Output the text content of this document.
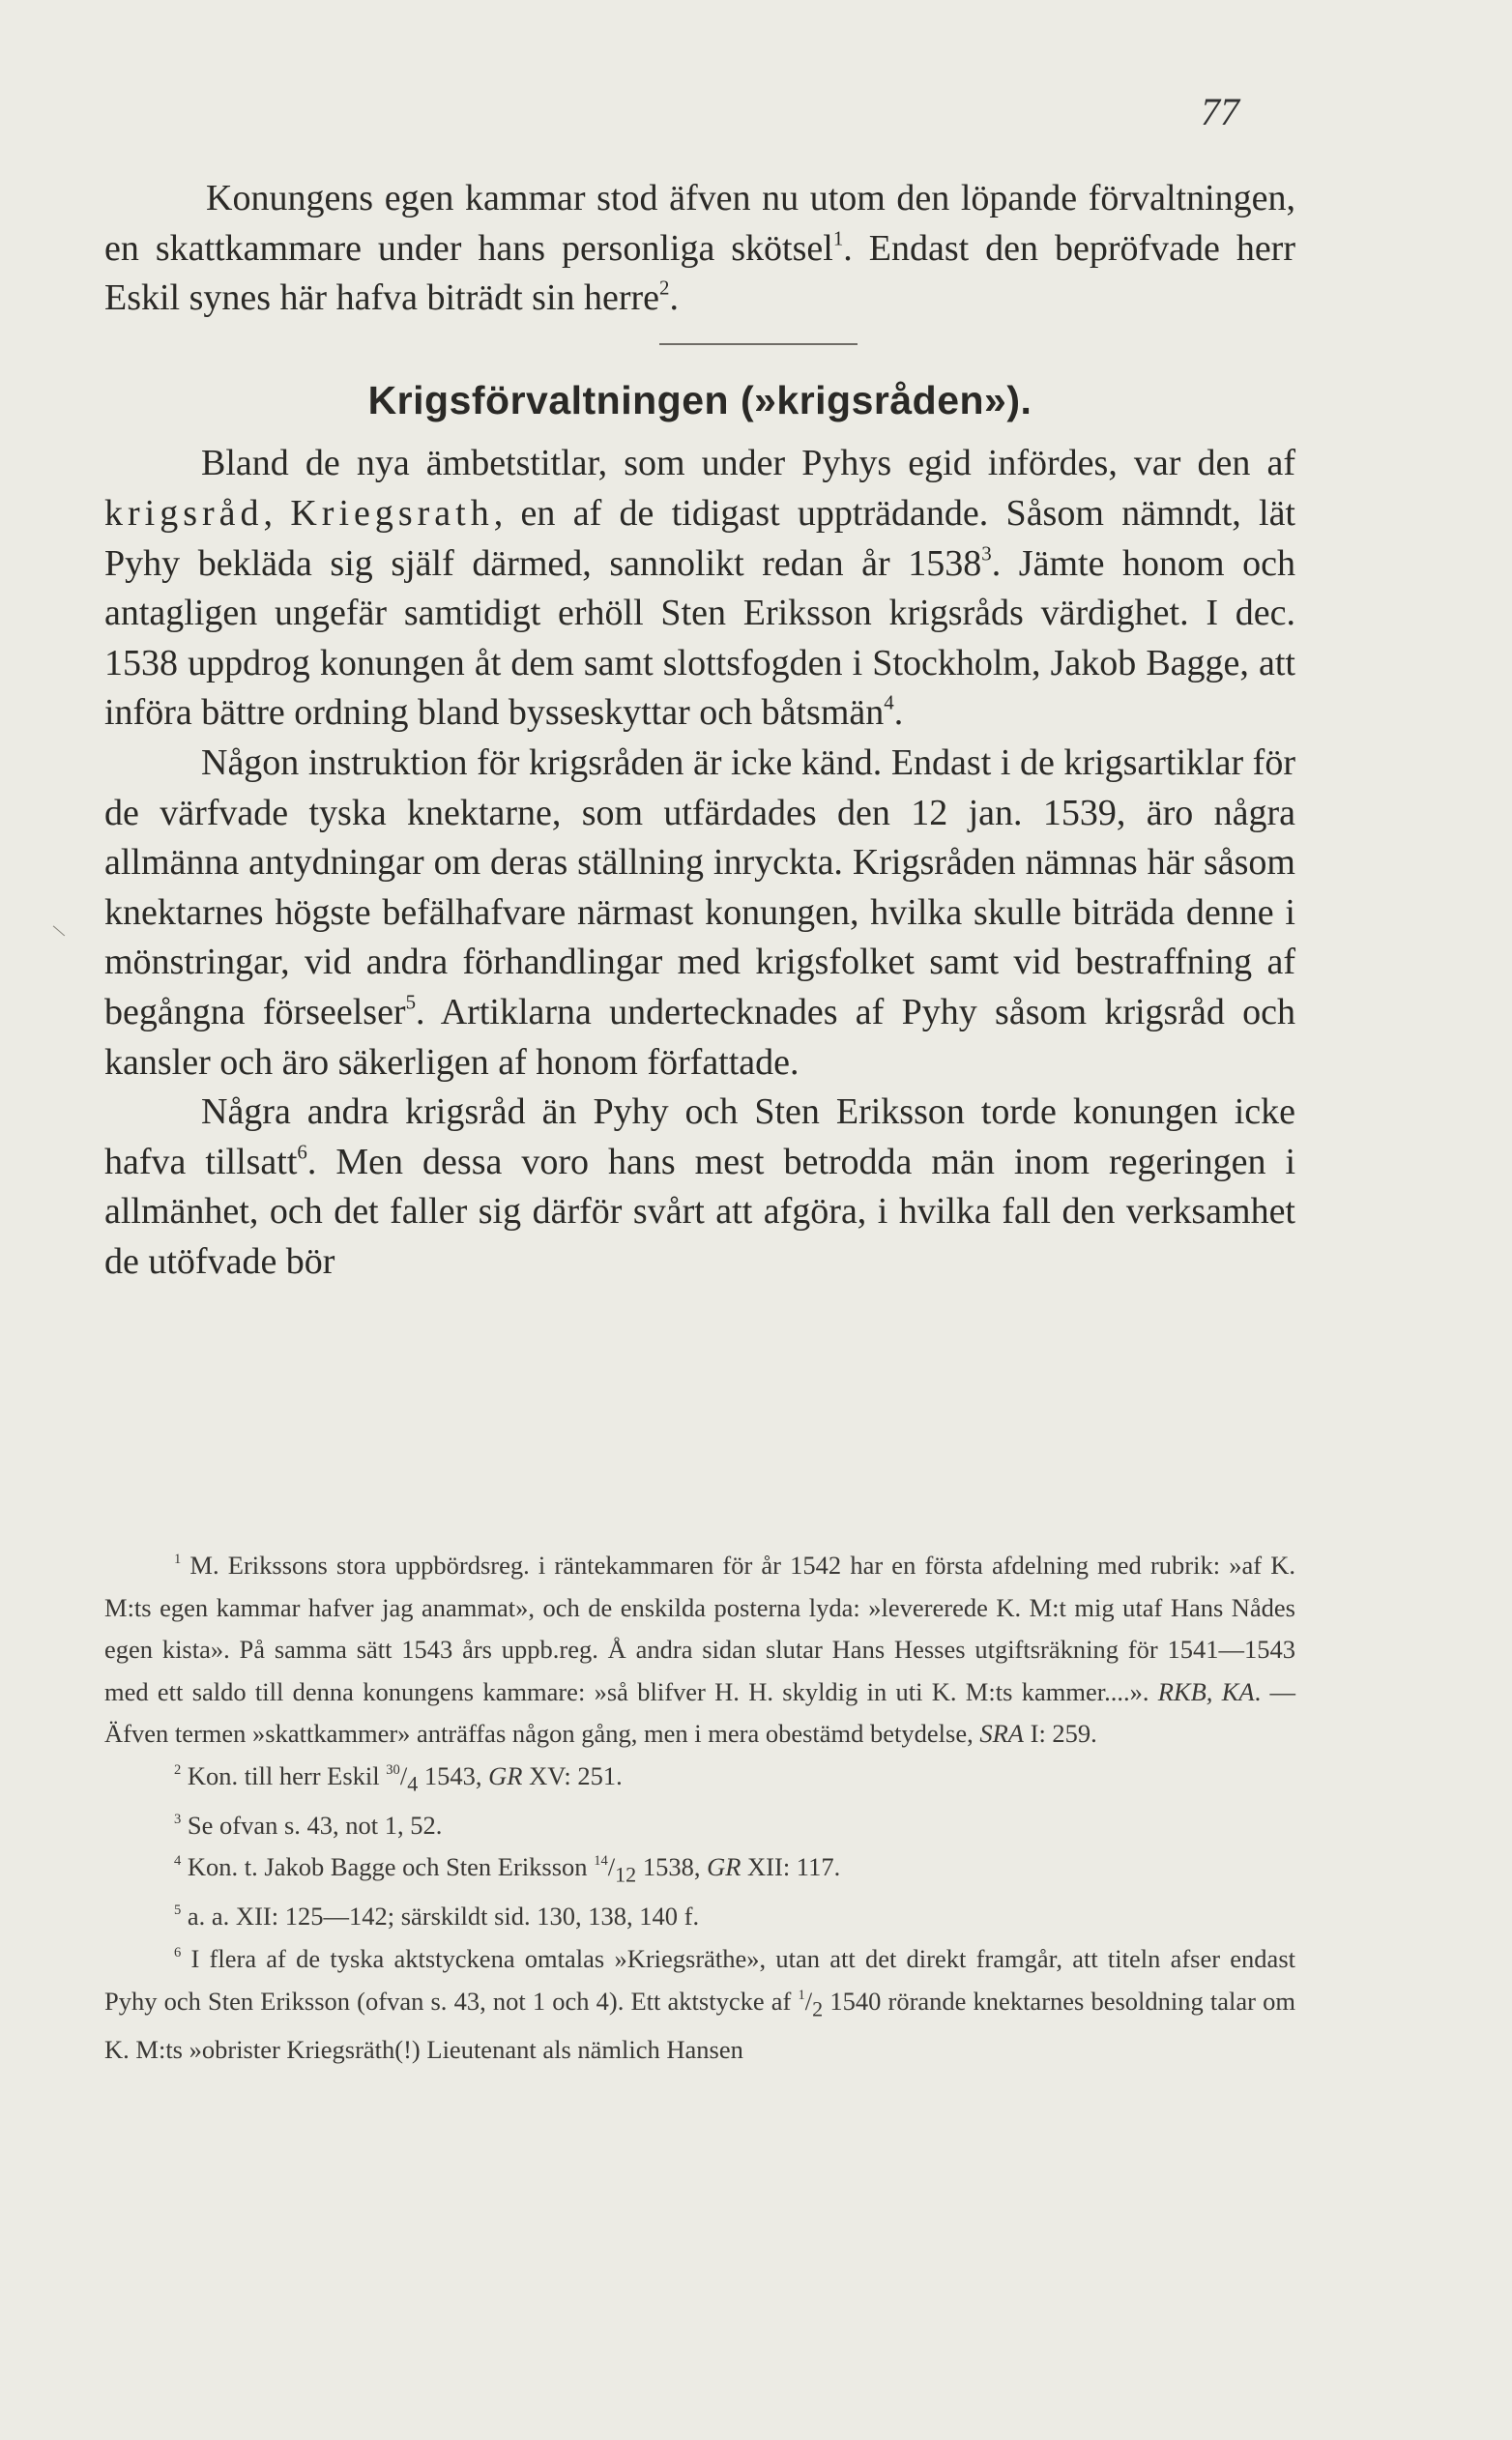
77
\

Konungens egen kammar stod äfven nu utom den löpande förvaltningen, en skattkammare under hans personliga skötsel$^1$. Endast den bepröfvade herr Eskil synes här hafva biträdt sin herre$^2$.

Krigsförvaltningen (»krigsråden»).

Bland de nya ämbetstitlar, som under Pyhys egid infördes, var den af krigsråd, Kriegsrath, en af de tidigast uppträdande. Såsom nämndt, lät Pyhy bekläda sig själf därmed, sannolikt redan år 1538$^3$. Jämte honom och antagligen ungefär samtidigt erhöll Sten Eriksson krigsråds värdighet. I dec. 1538 uppdrog konungen åt dem samt slottsfogden i Stockholm, Jakob Bagge, att införa bättre ordning bland bysseskyttar och båtsmän$^4$.

Någon instruktion för krigsråden är icke känd. Endast i de krigsartiklar för de värfvade tyska knektarne, som utfärdades den 12 jan. 1539, äro några allmänna antydningar om deras ställning inryckta. Krigsråden nämnas här såsom knektarnes högste befälhafvare närmast konungen, hvilka skulle biträda denne i mönstringar, vid andra förhandlingar med krigsfolket samt vid bestraffning af begångna förseelser$^5$. Artiklarna undertecknades af Pyhy såsom krigsråd och kansler och äro säkerligen af honom författade.

Några andra krigsråd än Pyhy och Sten Eriksson torde konungen icke hafva tillsatt$^6$. Men dessa voro hans mest betrodda män inom regeringen i allmänhet, och det faller sig därför svårt att afgöra, i hvilka fall den verksamhet de utöfvade bör

$^1$ M. Erikssons stora uppbördsreg. i räntekammaren för år 1542 har en första afdelning med rubrik: »af K. M:ts egen kammar hafver jag anammat», och de enskilda posterna lyda: »levererede K. M:t mig utaf Hans Nådes egen kista». På samma sätt 1543 års uppb.reg. Å andra sidan slutar Hans Hesses utgiftsräkning för 1541—1543 med ett saldo till denna konungens kammare: »så blifver H. H. skyldig in uti K. M:ts kammer....». RKB, KA. — Äfven termen »skattkammer» anträffas någon gång, men i mera obestämd betydelse, SRA I: 259.

$^2$ Kon. till herr Eskil $^{30}/_4$ 1543, GR XV: 251.

$^3$ Se ofvan s. 43, not 1, 52.

$^4$ Kon. t. Jakob Bagge och Sten Eriksson $^{14}/_{12}$ 1538, GR XII: 117.

$^5$ a. a. XII: 125—142; särskildt sid. 130, 138, 140 f.

$^6$ I flera af de tyska aktstyckena omtalas »Kriegsräthe», utan att det direkt framgår, att titeln afser endast Pyhy och Sten Eriksson (ofvan s. 43, not 1 och 4). Ett aktstycke af $^1/_2$ 1540 rörande knektarnes besoldning talar om K. M:ts »obrister Kriegsräth(!) Lieutenant als nämlich Hansen
